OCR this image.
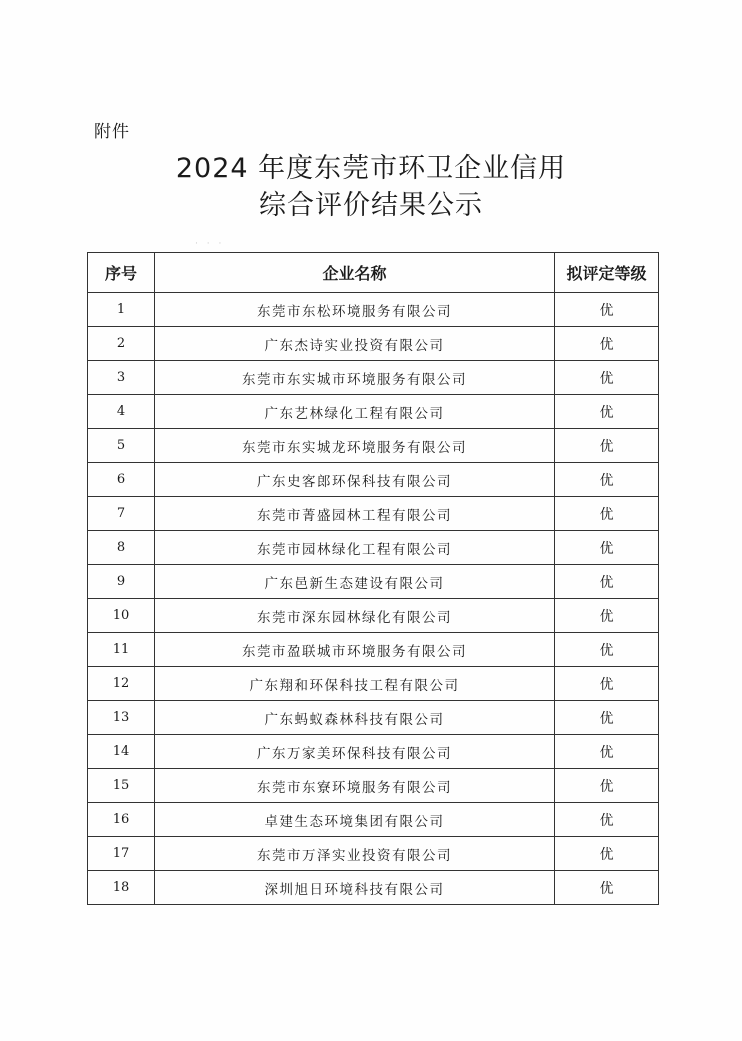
附件
2024 年度东莞市环卫企业信用
综合评价结果公示
· · ·
序号	企业名称	拟评定等级
1	东莞市东松环境服务有限公司	优
2	广东杰诗实业投资有限公司	优
3	东莞市东实城市环境服务有限公司	优
4	广东艺林绿化工程有限公司	优
5	东莞市东实城龙环境服务有限公司	优
6	广东史客郎环保科技有限公司	优
7	东莞市菁盛园林工程有限公司	优
8	东莞市园林绿化工程有限公司	优
9	广东邑新生态建设有限公司	优
10	东莞市深东园林绿化有限公司	优
11	东莞市盈联城市环境服务有限公司	优
12	广东翔和环保科技工程有限公司	优
13	广东蚂蚁森林科技有限公司	优
14	广东万家美环保科技有限公司	优
15	东莞市东寮环境服务有限公司	优
16	卓建生态环境集团有限公司	优
17	东莞市万泽实业投资有限公司	优
18	深圳旭日环境科技有限公司	优
